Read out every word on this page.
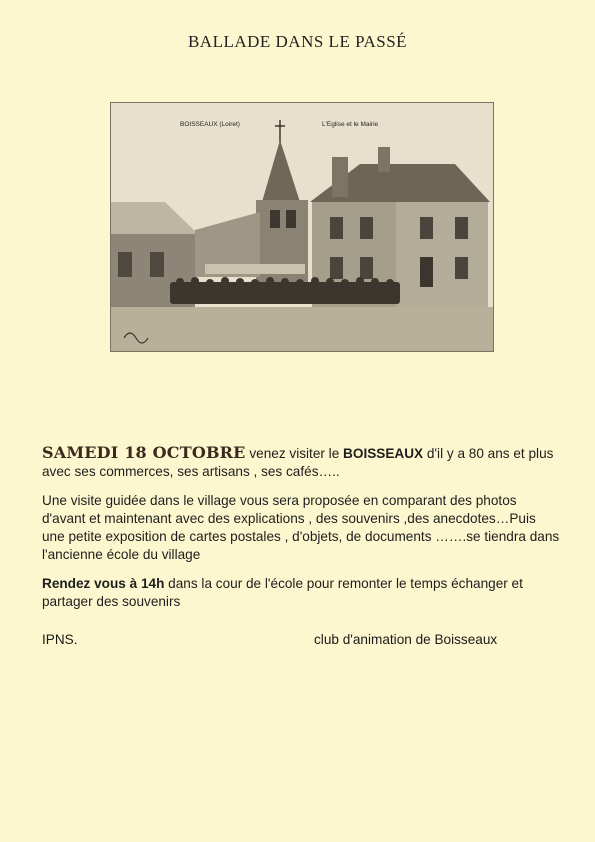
BALLADE DANS LE PASSÉ
BOISSEAUX (Loiret)	L'Eglise et le Mairie

SAMEDI 18 OCTOBRE venez visiter le BOISSEAUX d'il y a 80 ans et plus avec ses commerces, ses artisans , ses cafés…..

Une visite guidée dans le village vous sera proposée en comparant des photos d'avant et maintenant avec des explications , des souvenirs ,des anecdotes…Puis une petite exposition de cartes postales , d'objets, de documents …….se tiendra dans l'ancienne école du village

Rendez vous à 14h dans la cour de l'école pour remonter le temps échanger et partager des souvenirs

IPNS.	club d'animation de Boisseaux
